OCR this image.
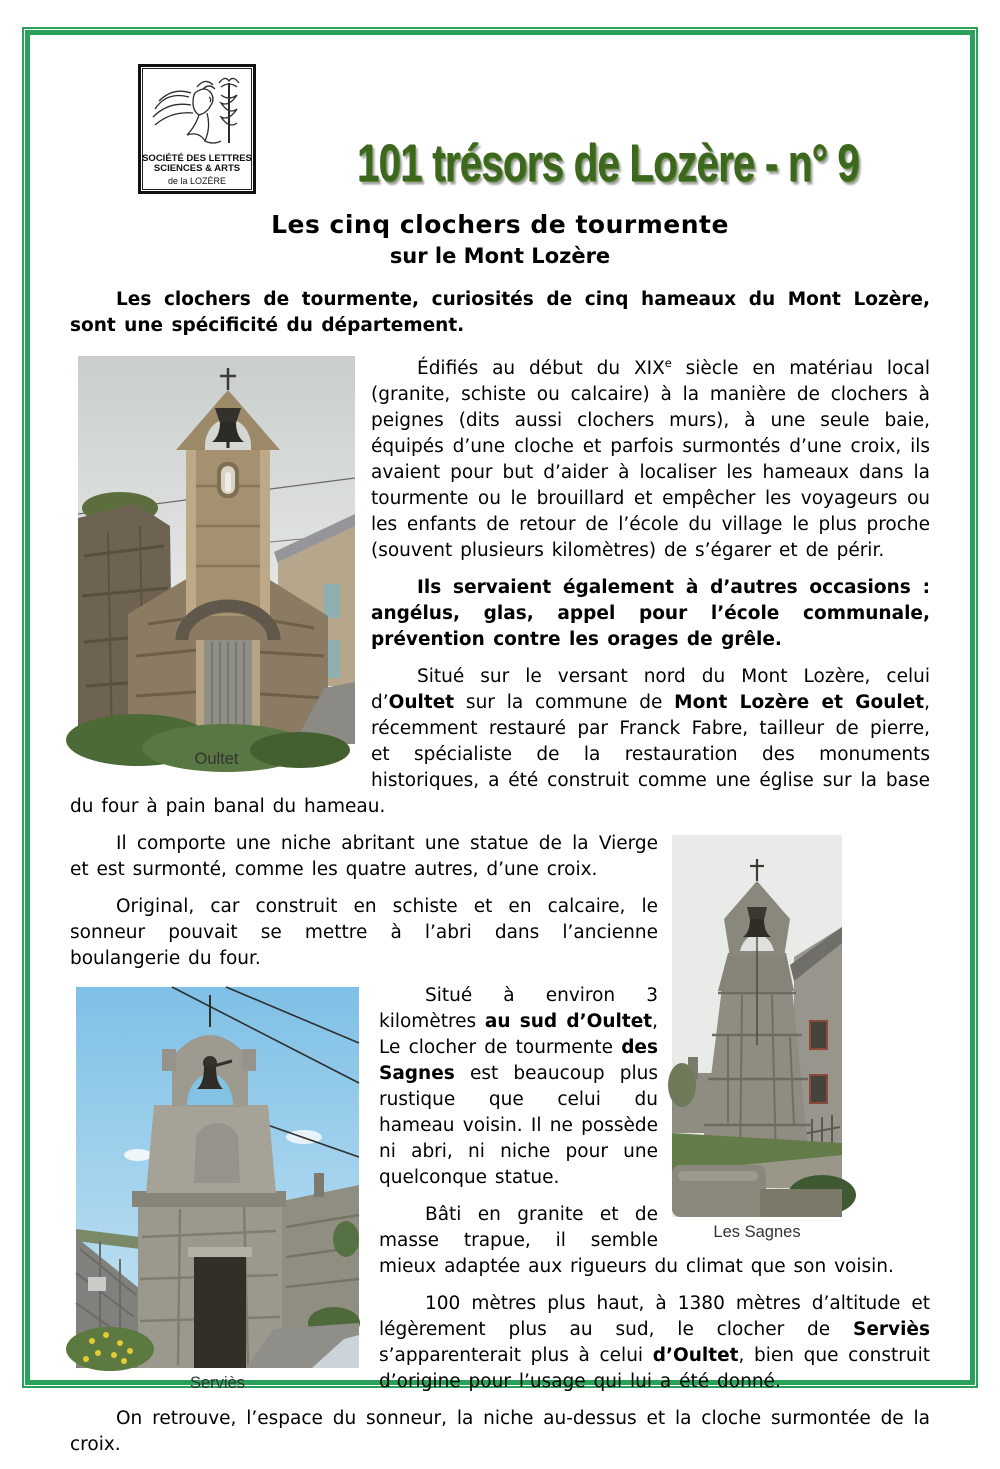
SOCIÉTÉ DES LETTRES
SCIENCES & ARTS
de la LOZÈRE	101 trésors de Lozère - n° 9
Les cinq clochers de tourmente
sur le Mont Lozère

Les clochers de tourmente, curiosités de cinq hameaux du Mont Lozère, sont une spécificité du département.

Oultet

Édifiés au début du XIXe siècle en matériau local (granite, schiste ou calcaire) à la manière de clochers à peignes (dits aussi clochers murs), à une seule baie, équipés d’une cloche et parfois surmontés d’une croix, ils avaient pour but d’aider à localiser les hameaux dans la tourmente ou le brouillard et empêcher les voyageurs ou les enfants de retour de l’école du village le plus proche (souvent plusieurs kilomètres) de s’égarer et de périr.

Ils servaient également à d’autres occasions : angélus, glas, appel pour l’école communale, prévention contre les orages de grêle.

Situé sur le versant nord du Mont Lozère, celui d’Oultet sur la commune de Mont Lozère et Goulet, récemment restauré par Franck Fabre, tailleur de pierre, et spécialiste de la restauration des monuments historiques, a été construit comme une église sur la base du four à pain banal du hameau.

Les Sagnes

Il comporte une niche abritant une statue de la Vierge et est surmonté, comme les quatre autres, d’une croix.

Original, car construit en schiste et en calcaire, le sonneur pouvait se mettre à l’abri dans l’ancienne boulangerie du four.

Serviès

Situé à environ 3 kilomètres au sud d’Oultet, Le clocher de tourmente des Sagnes est beaucoup plus rustique que celui du hameau voisin. Il ne possède ni abri, ni niche pour une quelconque statue.

Bâti en granite et de masse trapue, il semble mieux adaptée aux rigueurs du climat que son voisin.

100 mètres plus haut, à 1380 mètres d’altitude et légèrement plus au sud, le clocher de Serviès s’apparenterait plus à celui d’Oultet, bien que construit d’origine pour l’usage qui lui a été donné.

On retrouve, l’espace du sonneur, la niche au-dessus et la cloche surmontée de la croix.
